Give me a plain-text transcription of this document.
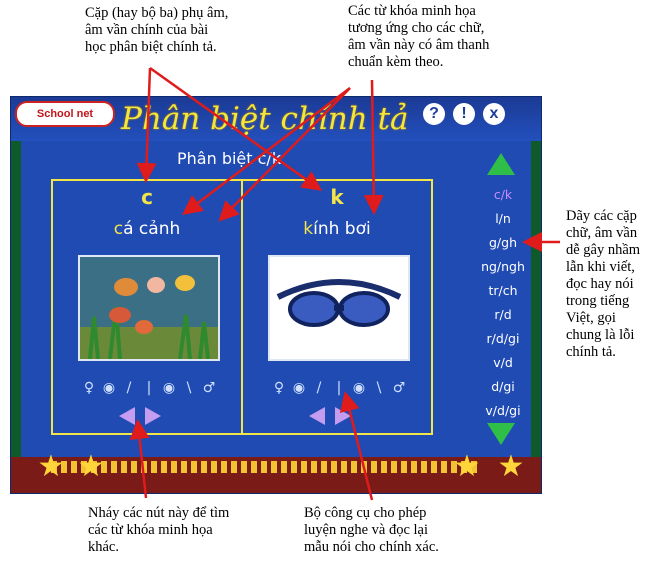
Cặp (hay bộ ba) phụ âm,
âm vần chính của bài
học phân biệt chính tả.
Các từ khóa minh họa
tương ứng cho các chữ,
âm vần này có âm thanh
chuẩn kèm theo.
Dãy các cặp
chữ, âm vần
dễ gây nhầm
lẫn khi viết,
đọc hay nói
trong tiếng
Việt, gọi
chung là lỗi
chính tả.
Nháy các nút này để tìm
các từ khóa minh họa
khác.
Bộ công cụ cho phép
luyện nghe và đọc lại
mẫu nói cho chính xác.
School net Phân biệt chính tả	?	!	x
Phân biệt c/k
c
cá cảnh
♀ ◉ /	| ◉ \ ♂
k
kính bơi
♀ ◉ /	| ◉ \ ♂
c/k
l/n
g/gh
ng/ngh
tr/ch
r/d
r/d/gi
v/d
d/gi
v/d/gi
★ ★	★ ★
